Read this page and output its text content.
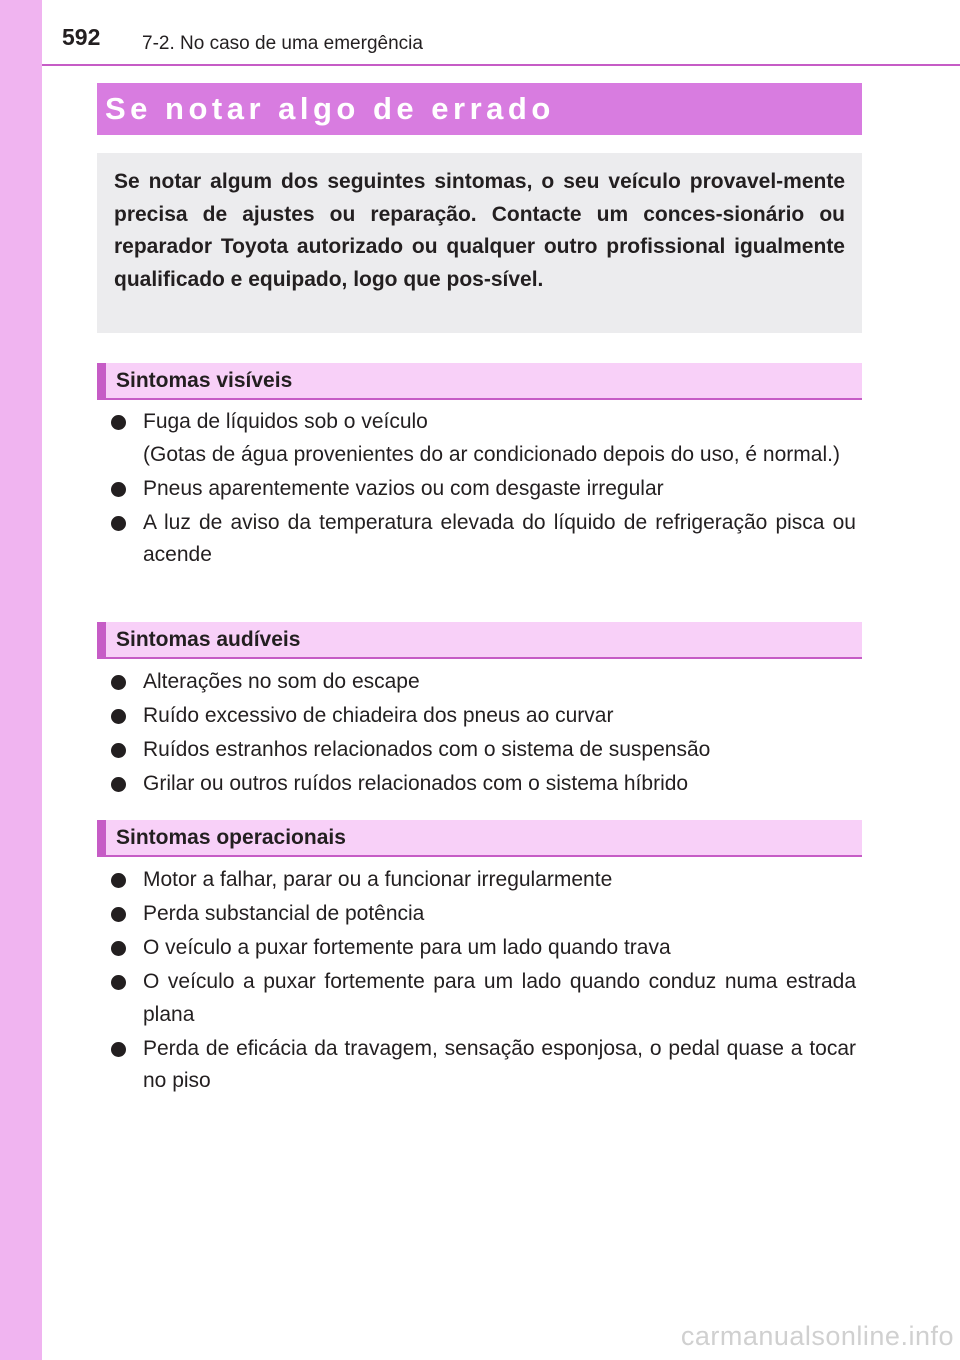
592 7-2. No caso de uma emergência
Se notar algo de errado
Se notar algum dos seguintes sintomas, o seu veículo provavel-mente precisa de ajustes ou reparação. Contacte um conces-sionário ou reparador Toyota autorizado ou qualquer outro profissional igualmente qualificado e equipado, logo que pos-sível.
Sintomas visíveis
Fuga de líquidos sob o veículo
(Gotas de água provenientes do ar condicionado depois do uso, é normal.)
Pneus aparentemente vazios ou com desgaste irregular
A luz de aviso da temperatura elevada do líquido de refrigeração pisca ou acende
Sintomas audíveis
Alterações no som do escape
Ruído excessivo de chiadeira dos pneus ao curvar
Ruídos estranhos relacionados com o sistema de suspensão
Grilar ou outros ruídos relacionados com o sistema híbrido
Sintomas operacionais
Motor a falhar, parar ou a funcionar irregularmente
Perda substancial de potência
O veículo a puxar fortemente para um lado quando trava
O veículo a puxar fortemente para um lado quando conduz numa estrada plana
Perda de eficácia da travagem, sensação esponjosa, o pedal quase a tocar no piso
carmanualsonline.info
